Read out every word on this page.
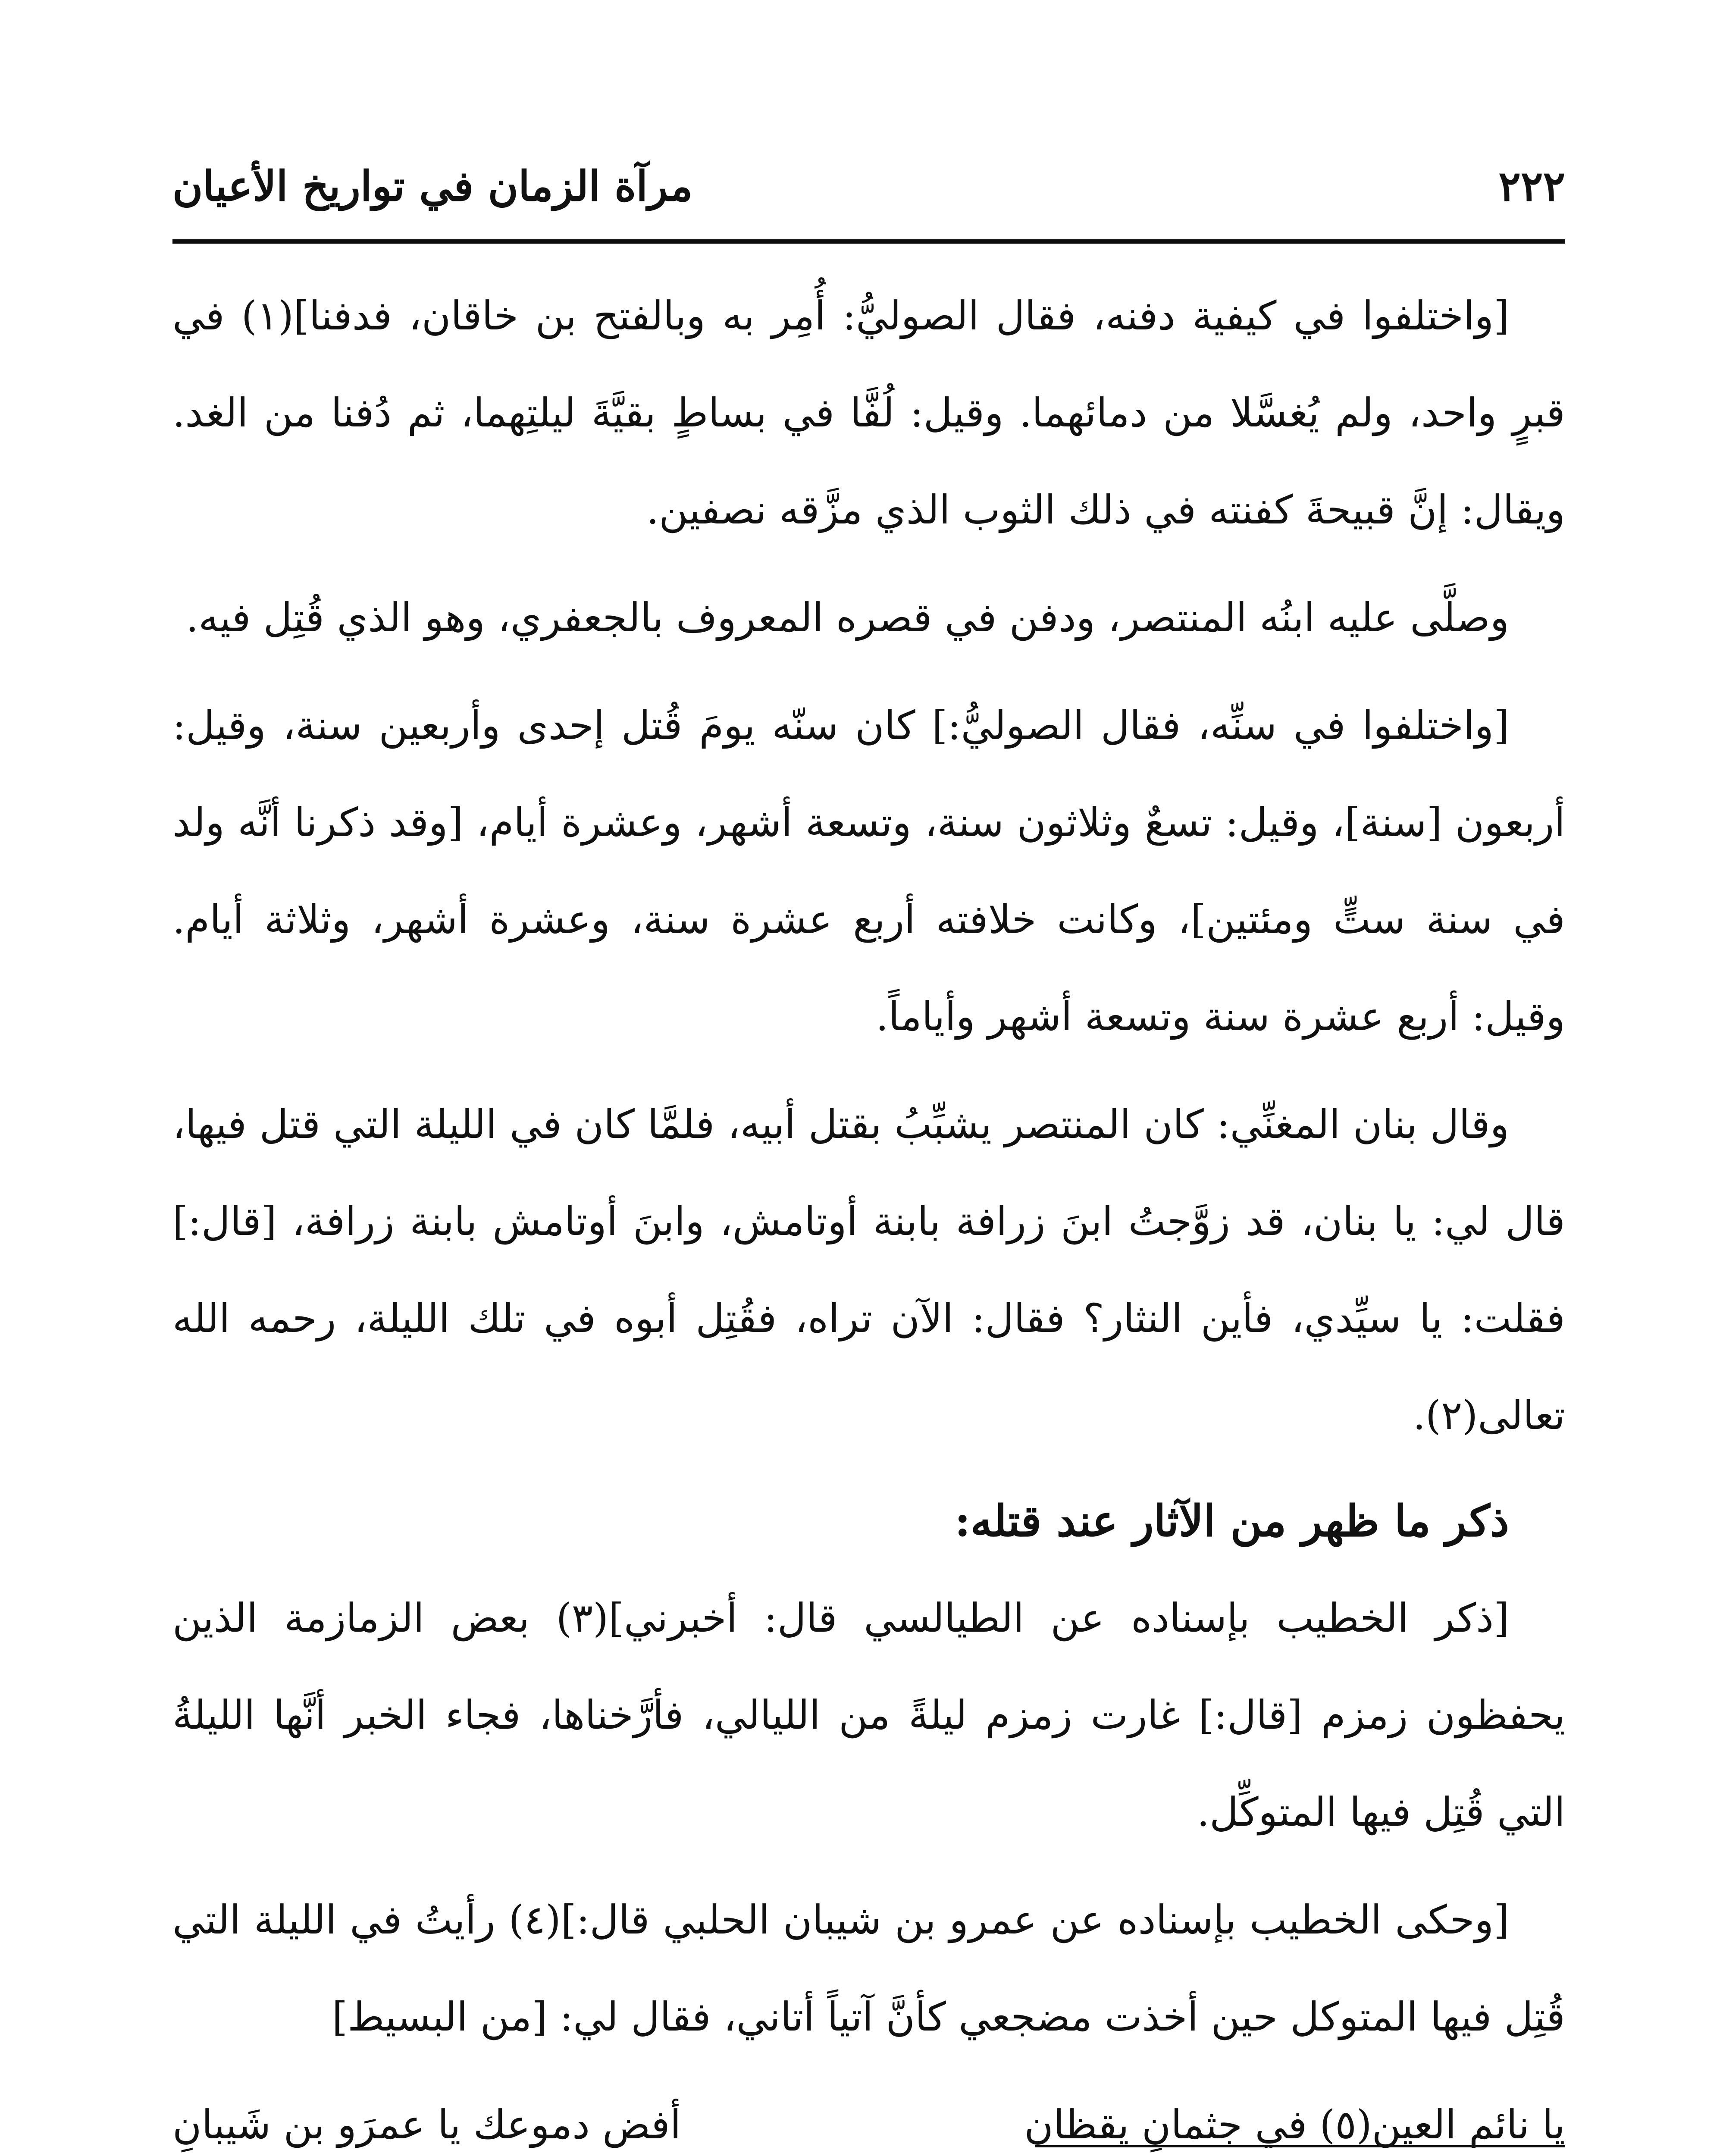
٢٢٢
مرآة الزمان في تواريخ الأعيان

[واختلفوا في كيفية دفنه، فقال الصوليُّ: أُمِر به وبالفتح بن خاقان، فدفنا](١) في قبرٍ واحد، ولم يُغسَّلا من دمائهما. وقيل: لُفَّا في بساطٍ بقيَّةَ ليلتِهما، ثم دُفنا من الغد. ويقال: إنَّ قبيحةَ كفنته في ذلك الثوب الذي مزَّقه نصفين.

وصلَّى عليه ابنُه المنتصر، ودفن في قصره المعروف بالجعفري، وهو الذي قُتِل فيه.

[واختلفوا في سنِّه، فقال الصوليُّ:] كان سنّه يومَ قُتل إحدى وأربعين سنة، وقيل: أربعون [سنة]، وقيل: تسعٌ وثلاثون سنة، وتسعة أشهر، وعشرة أيام، [وقد ذكرنا أنَّه ولد في سنة ستٍّ ومئتين]، وكانت خلافته أربع عشرة سنة، وعشرة أشهر، وثلاثة أيام. وقيل: أربع عشرة سنة وتسعة أشهر وأياماً.

وقال بنان المغنِّي: كان المنتصر يشبِّبُ بقتل أبيه، فلمَّا كان في الليلة التي قتل فيها، قال لي: يا بنان، قد زوَّجتُ ابنَ زرافة بابنة أوتامش، وابنَ أوتامش بابنة زرافة، [قال:] فقلت: يا سيِّدي، فأين النثار؟ فقال: الآن تراه، فقُتِل أبوه في تلك الليلة، رحمه الله تعالى(٢).

ذكر ما ظهر من الآثار عند قتله:

[ذكر الخطيب بإسناده عن الطيالسي قال: أخبرني](٣) بعض الزمازمة الذين يحفظون زمزم [قال:] غارت زمزم ليلةً من الليالي، فأرَّخناها، فجاء الخبر أنَّها الليلةُ التي قُتِل فيها المتوكِّل.

[وحكى الخطيب بإسناده عن عمرو بن شيبان الحلبي قال:](٤) رأيتُ في الليلة التي قُتِل فيها المتوكل حين أخذت مضجعي كأنَّ آتياً أتاني، فقال لي: [من البسيط]

يا نائم العين(٥) في جثمانِ يقظان
أفض دموعك يا عمرَو بن شَيبانِ
